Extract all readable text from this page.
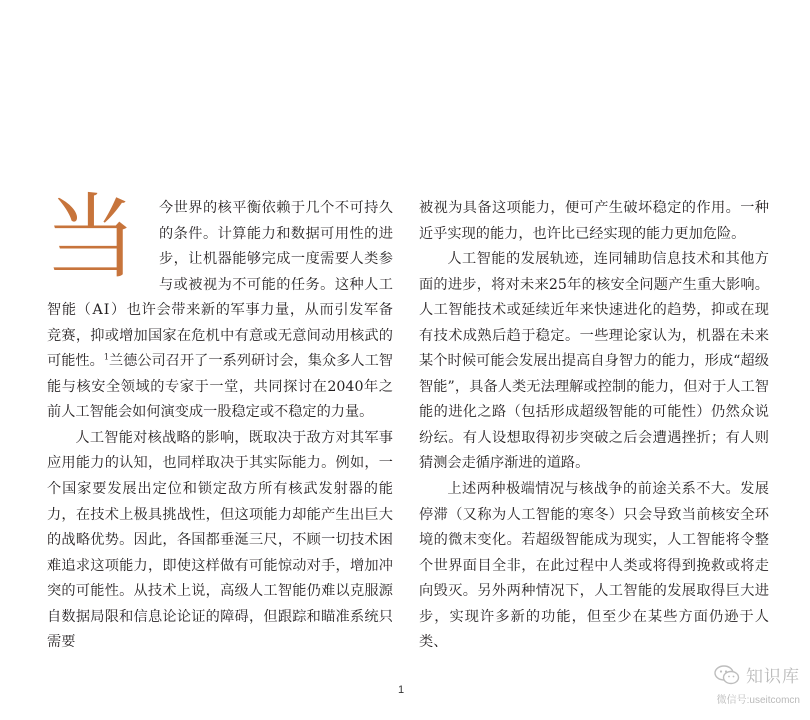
当	今世界的核平衡依赖于几个不可持久的条件。计算能力和数据可用性的进步，让机器能够完成一度需要人类参与或被视为不可能的任务。这种人工智能（AI）也许会带来新的军事力量，从而引发军备竞赛，抑或增加国家在危机中有意或无意间动用核武的可能性。$^1$兰德公司召开了一系列研讨会，集众多人工智能与核安全领域的专家于一堂，共同探讨在2040年之前人工智能会如何演变成一股稳定或不稳定的力量。

人工智能对核战略的影响，既取决于敌方对其军事应用能力的认知，也同样取决于其实际能力。例如，一个国家要发展出定位和锁定敌方所有核武发射器的能力，在技术上极具挑战性，但这项能力却能产生出巨大的战略优势。因此，各国都垂涎三尺，不顾一切技术困难追求这项能力，即使这样做有可能惊动对手，增加冲突的可能性。从技术上说，高级人工智能仍难以克服源自数据局限和信息论论证的障碍，但跟踪和瞄准系统只需要

被视为具备这项能力，便可产生破坏稳定的作用。一种近乎实现的能力，也许比已经实现的能力更加危险。

人工智能的发展轨迹，连同辅助信息技术和其他方面的进步，将对未来25年的核安全问题产生重大影响。人工智能技术或延续近年来快速进化的趋势，抑或在现有技术成熟后趋于稳定。一些理论家认为，机器在未来某个时候可能会发展出提高自身智力的能力，形成“超级智能”，具备人类无法理解或控制的能力，但对于人工智能的进化之路（包括形成超级智能的可能性）仍然众说纷纭。有人设想取得初步突破之后会遭遇挫折；有人则猜测会走循序渐进的道路。

上述两种极端情况与核战争的前途关系不大。发展停滞（又称为人工智能的寒冬）只会导致当前核安全环境的微末变化。若超级智能成为现实，人工智能将令整个世界面目全非，在此过程中人类或将得到挽救或将走向毁灭。另外两种情况下，人工智能的发展取得巨大进步，实现许多新的功能，但至少在某些方面仍逊于人类、

1
知识库
微信号:useitcomcn
